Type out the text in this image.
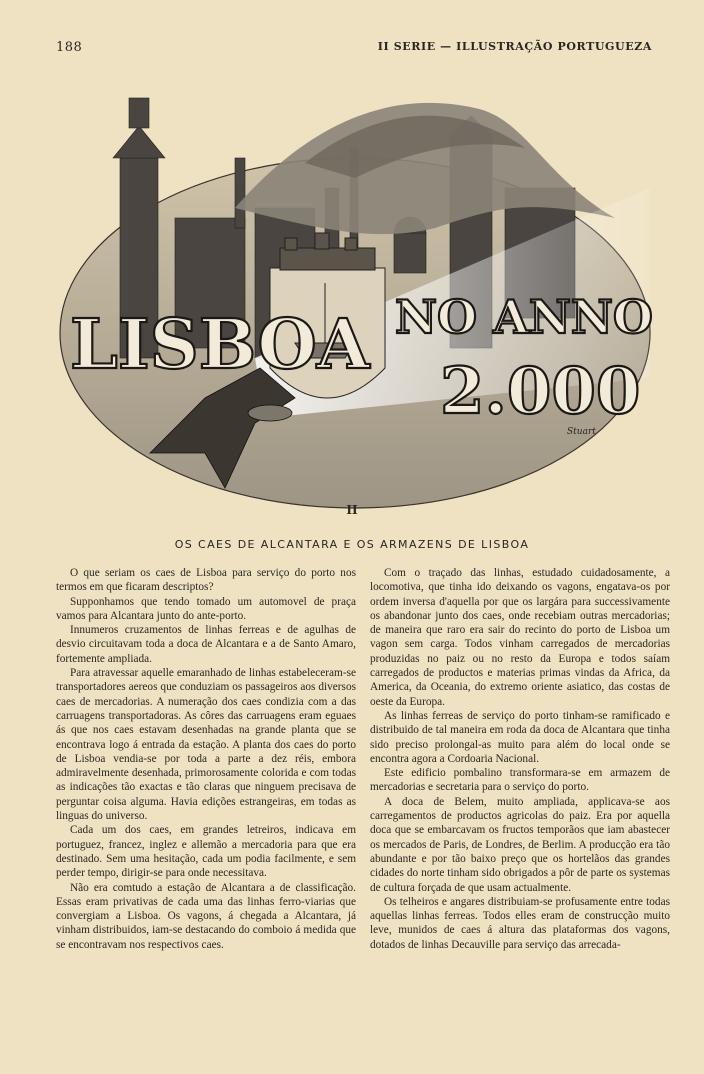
188	II SERIE — ILLUSTRAÇÃO PORTUGUEZA
LISBOA NO ANNO
2.000
Stuart
II
OS CAES DE ALCANTARA E OS ARMAZENS DE LISBOA

O que seriam os caes de Lisboa para serviço do porto nos termos em que ficaram descriptos?

Supponhamos que tendo tomado um automovel de praça vamos para Alcantara junto do ante-porto.

Innumeros cruzamentos de linhas ferreas e de agulhas de desvio circuitavam toda a doca de Alcantara e a de Santo Amaro, fortemente ampliada.

Para atravessar aquelle emaranhado de linhas estabeleceram-se transportadores aereos que conduziam os passageiros aos diversos caes de mercadorias. A numeração dos caes condizia com a das carruagens transportadoras. As côres das carruagens eram eguaes ás que nos caes estavam desenhadas na grande planta que se encontrava logo á entrada da estação. A planta dos caes do porto de Lisboa vendia-se por toda a parte a dez réis, embora admiravelmente desenhada, primorosamente colorida e com todas as indicações tão exactas e tão claras que ninguem precisava de perguntar coisa alguma. Havia edições estrangeiras, em todas as linguas do universo.

Cada um dos caes, em grandes letreiros, indicava em portuguez, francez, inglez e allemão a mercadoria para que era destinado. Sem uma hesitação, cada um podia facilmente, e sem perder tempo, dirigir-se para onde necessitava.

Não era comtudo a estação de Alcantara a de classificação. Essas eram privativas de cada uma das linhas ferro-viarias que convergiam a Lisboa. Os vagons, á chegada a Alcantara, já vinham distribuidos, iam-se destacando do comboio á medida que se encontravam nos respectivos caes.

Com o traçado das linhas, estudado cuidadosamente, a locomotiva, que tinha ido deixando os vagons, engatava-os por ordem inversa d'aquella por que os largára para successivamente os abandonar junto dos caes, onde recebiam outras mercadorias; de maneira que raro era sair do recinto do porto de Lisboa um vagon sem carga. Todos vinham carregados de mercadorias produzidas no paiz ou no resto da Europa e todos saíam carregados de productos e materias primas vindas da Africa, da America, da Oceania, do extremo oriente asiatico, das costas de oeste da Europa.

As linhas ferreas de serviço do porto tinham-se ramificado e distribuido de tal maneira em roda da doca de Alcantara que tinha sido preciso prolongal-as muito para além do local onde se encontra agora a Cordoaria Nacional.

Este edificio pombalino transformara-se em armazem de mercadorias e secretaria para o serviço do porto.

A doca de Belem, muito ampliada, applicava-se aos carregamentos de productos agricolas do paiz. Era por aquella doca que se embarcavam os fructos temporãos que iam abastecer os mercados de Paris, de Londres, de Berlim. A producção era tão abundante e por tão baixo preço que os hortelãos das grandes cidades do norte tinham sido obrigados a pôr de parte os systemas de cultura forçada de que usam actualmente.

Os telheiros e angares distribuiam-se profusamente entre todas aquellas linhas ferreas. Todos elles eram de construcção muito leve, munidos de caes á altura das plataformas dos vagons, dotados de linhas Decauville para serviço das arrecada-
